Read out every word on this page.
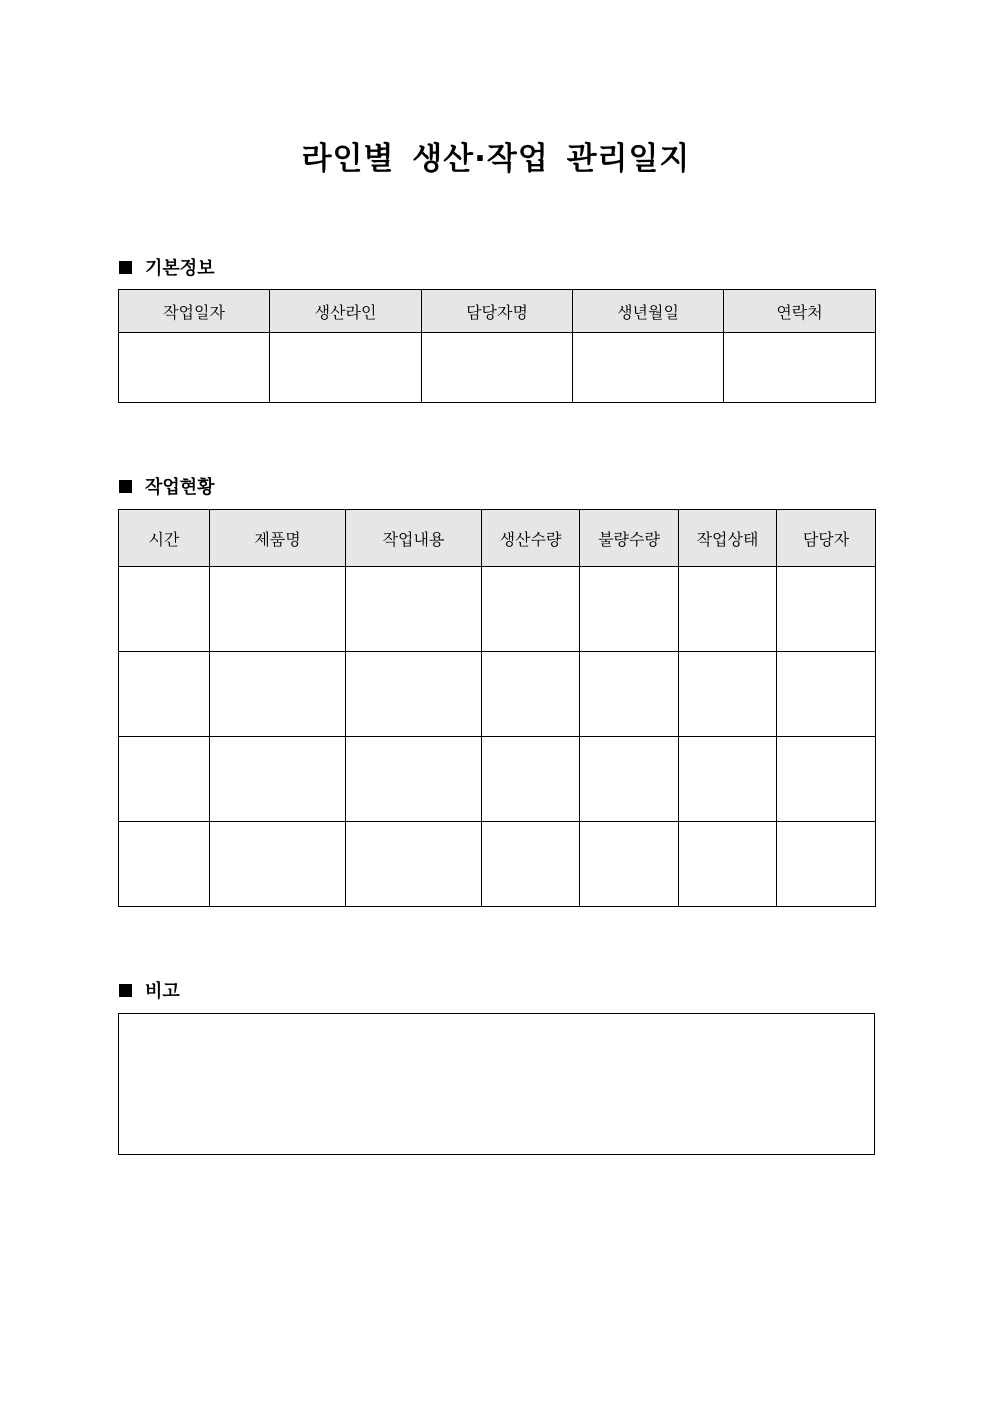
라인별 생산·작업 관리일지
기본정보
작업일자	생산라인	담당자명	생년월일	연락처

작업현황
시간	제품명	작업내용	생산수량	불량수량	작업상태	담당자

비고
